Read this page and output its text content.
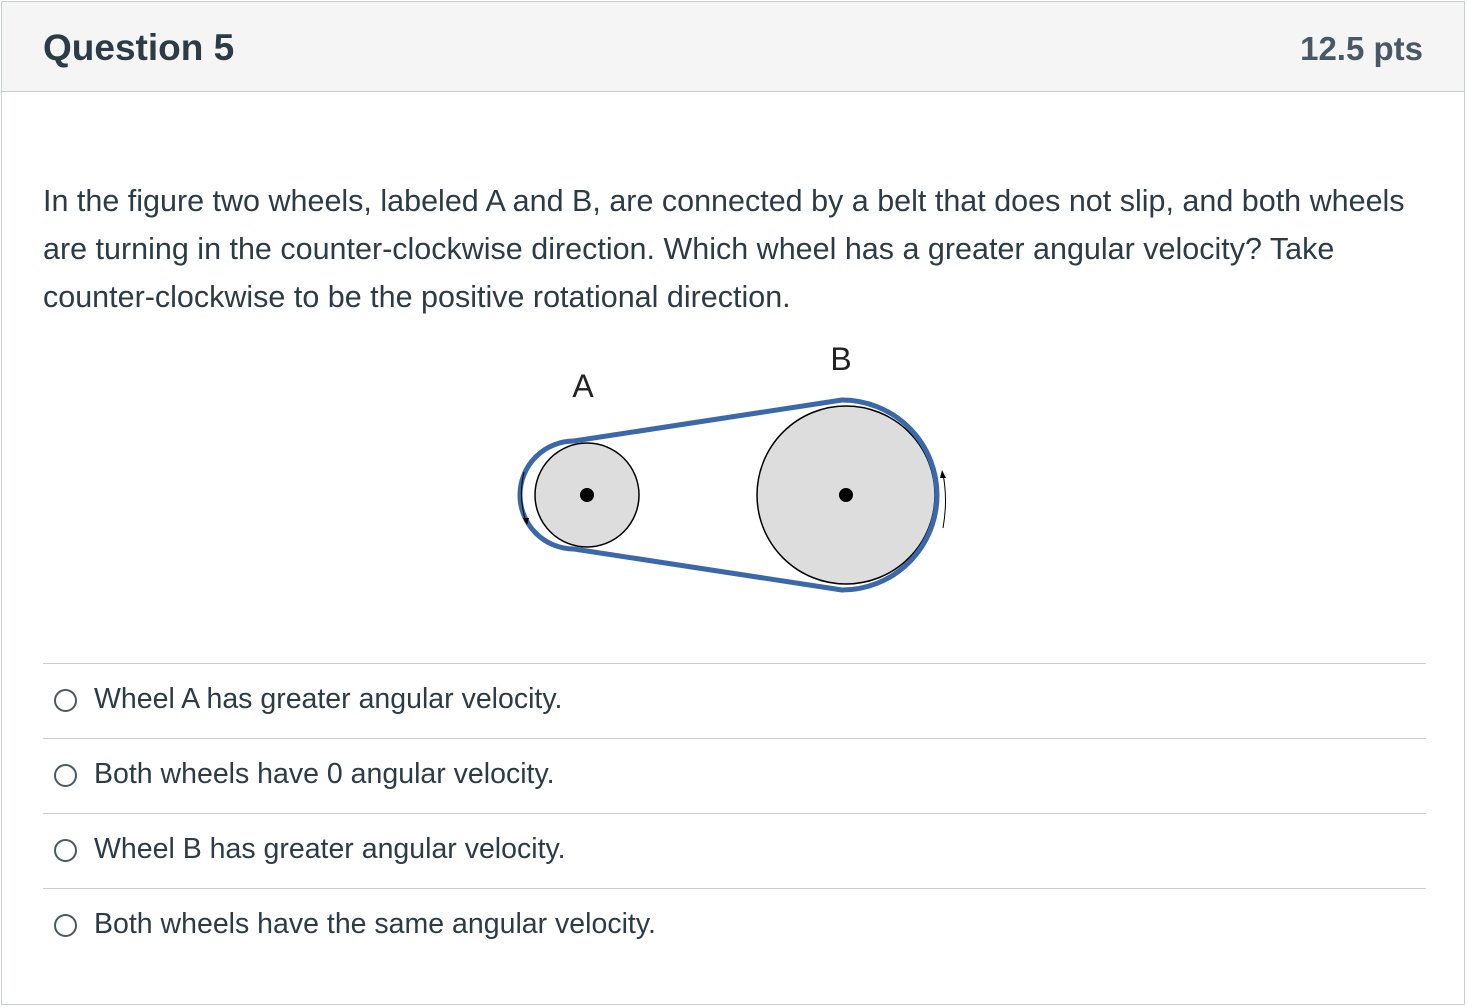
Question 5	12.5 pts

In the figure two wheels, labeled A and B, are connected by a belt that does not slip, and both wheels are turning in the counter-clockwise direction. Which wheel has a greater angular velocity? Take counter-clockwise to be the positive rotational direction.

A
B
Wheel A has greater angular velocity.
Both wheels have 0 angular velocity.
Wheel B has greater angular velocity.
Both wheels have the same angular velocity.
